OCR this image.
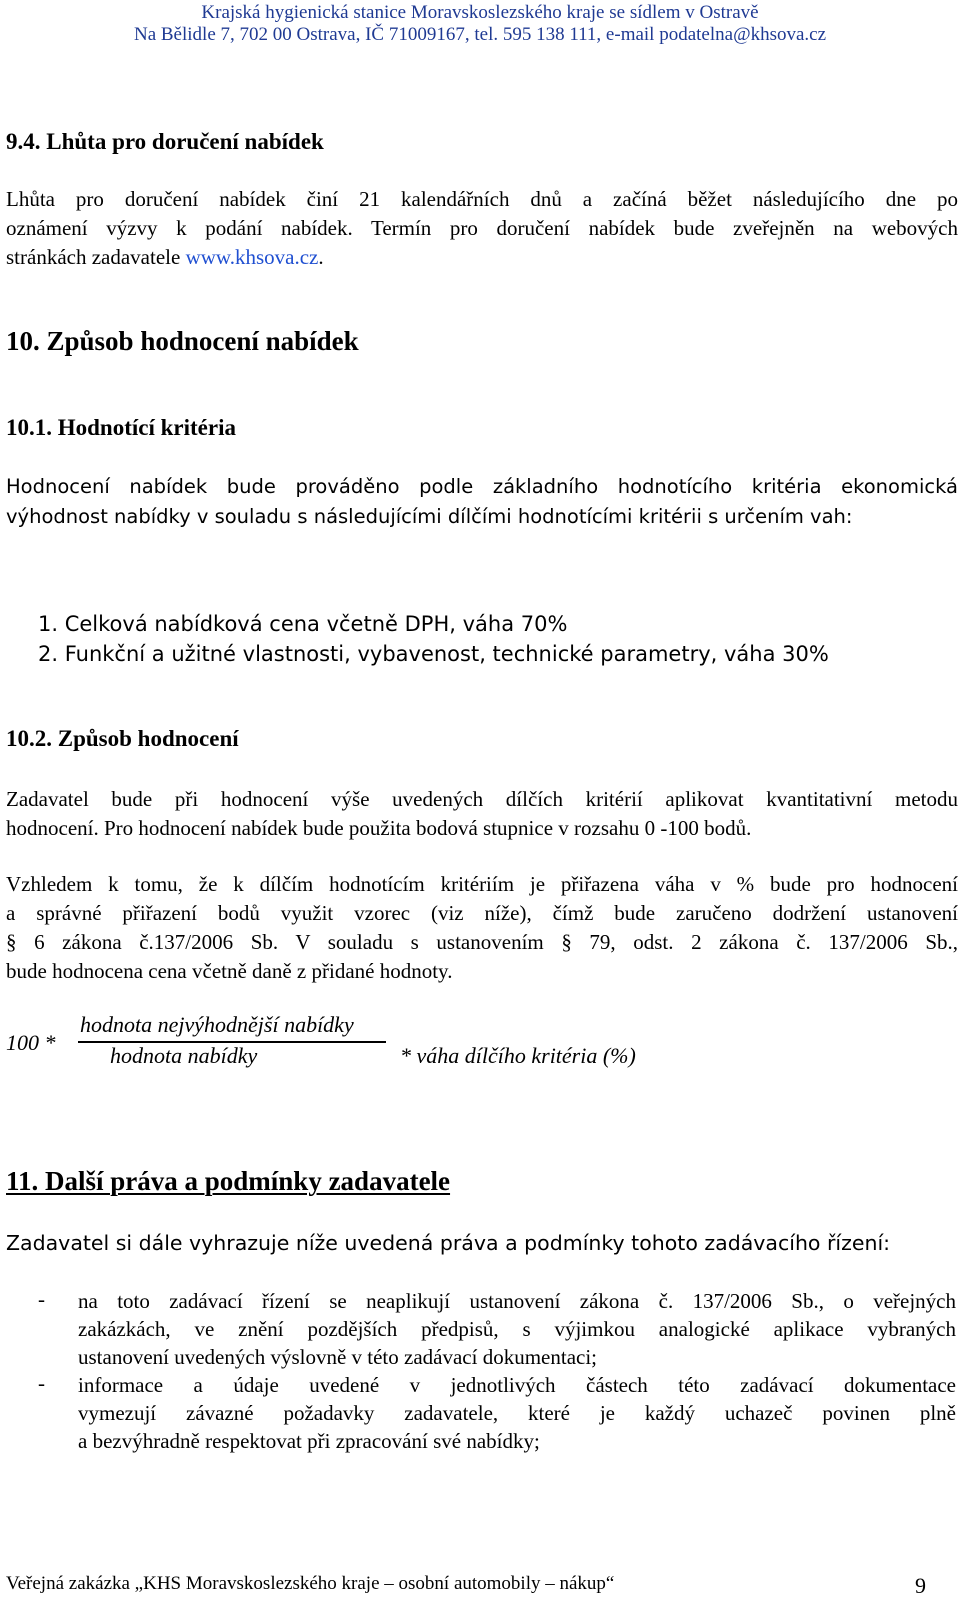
Krajská hygienická stanice Moravskoslezského kraje se sídlem v Ostravě
Na Bělidle 7, 702 00 Ostrava, IČ 71009167, tel. 595 138 111, e-mail podatelna@khsova.cz
9.4. Lhůta pro doručení nabídek
Lhůta pro doručení nabídek činí 21 kalendářních dnů a začíná běžet následujícího dne po
oznámení výzvy k podání nabídek. Termín pro doručení nabídek bude zveřejněn na webových
stránkách zadavatele www.khsova.cz.
10. Způsob hodnocení nabídek
10.1. Hodnotící kritéria
Hodnocení nabídek bude prováděno podle základního hodnotícího kritéria ekonomická
výhodnost nabídky v souladu s následujícími dílčími hodnotícími kritérii s určením vah:
1. Celková nabídková cena včetně DPH, váha 70%
2. Funkční a užitné vlastnosti, vybavenost, technické parametry, váha 30%
10.2. Způsob hodnocení
Zadavatel bude při hodnocení výše uvedených dílčích kritérií aplikovat kvantitativní metodu
hodnocení. Pro hodnocení nabídek bude použita bodová stupnice v rozsahu 0 -100 bodů.
Vzhledem k tomu, že k dílčím hodnotícím kritériím je přiřazena váha v % bude pro hodnocení
a správné přiřazení bodů využit vzorec (viz níže), čímž bude zaručeno dodržení ustanovení
§ 6 zákona č.137/2006 Sb. V souladu s ustanovením § 79, odst. 2 zákona č. 137/2006 Sb.,
bude hodnocena cena včetně daně z přidané hodnoty.
100 *
hodnota nejvýhodnější nabídky
hodnota nabídky	* váha dílčího kritéria (%)
11. Další práva a podmínky zadavatele
Zadavatel si dále vyhrazuje níže uvedená práva a podmínky tohoto zadávacího řízení:
- na toto zadávací řízení se neaplikují ustanovení zákona č. 137/2006 Sb., o veřejných
zakázkách, ve znění pozdějších předpisů, s výjimkou analogické aplikace vybraných
ustanovení uvedených výslovně v této zadávací dokumentaci;
- informace a údaje uvedené v jednotlivých částech této zadávací dokumentace
vymezují závazné požadavky zadavatele, které je každý uchazeč povinen plně
a bezvýhradně respektovat při zpracování své nabídky;
Veřejná zakázka „KHS Moravskoslezského kraje – osobní automobily – nákup“	9
